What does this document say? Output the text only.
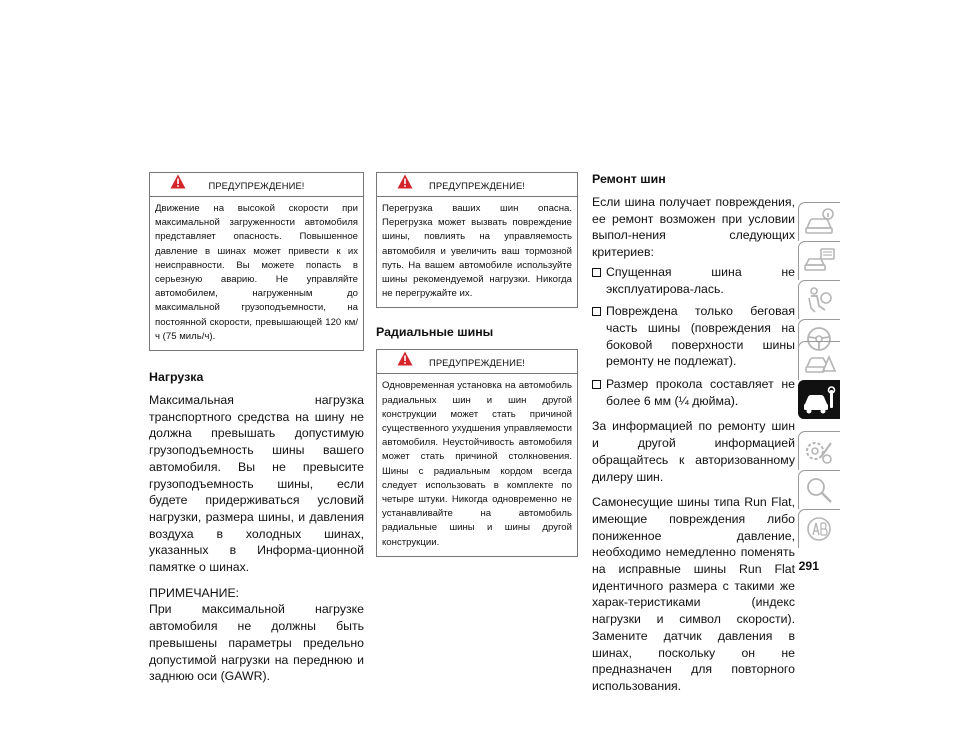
ПРЕДУПРЕЖДЕНИЕ!
Движение на высокой скорости при максимальной загруженности автомобиля представляет опасность. Повышенное давление в шинах может привести к их неисправности. Вы можете попасть в серьезную аварию. Не управляйте автомобилем, нагруженным до максимальной грузоподъемности, на постоянной скорости, превышающей 120 км/ч (75 миль/ч).
Нагрузка

Максимальная нагрузка транспортного средства на шину не должна превышать допустимую грузоподъемность шины вашего автомобиля. Вы не превысите грузоподъемность шины, если будете придерживаться условий нагрузки, размера шины, и давления воздуха в холодных шинах, указанных в Информа-ционной памятке о шинах.

ПРИМЕЧАНИЕ:

При максимальной нагрузке автомобиля не должны быть превышены параметры предельно допустимой нагрузки на переднюю и заднюю оси (GAWR).

ПРЕДУПРЕЖДЕНИЕ!
Перегрузка ваших шин опасна. Перегрузка может вызвать повреждение шины, повлиять на управляемость автомобиля и увеличить ваш тормозной путь. На вашем автомобиле используйте шины рекомендуемой нагрузки. Никогда не перегружайте их.
Радиальные шины
ПРЕДУПРЕЖДЕНИЕ!
Одновременная установка на автомобиль радиальных шин и шин другой конструкции может стать причиной существенного ухудшения управляемости автомобиля. Неустойчивость автомобиля может стать причиной столкновения. Шины с радиальным кордом всегда следует использовать в комплекте по четыре штуки. Никогда одновременно не устанавливайте на автомобиль радиальные шины и шины другой конструкции.
Ремонт шин

Если шина получает повреждения, ее ремонт возможен при условии выпол-нения следующих критериев:

Спущенная шина не эксплуатирова-лась.
Повреждена только беговая часть шины (повреждения на боковой поверхности шины ремонту не подлежат).
Размер прокола составляет не более 6 мм (¼ дюйма).

За информацией по ремонту шин и другой информацией обращайтесь к авторизованному дилеру шин.

Самонесущие шины типа Run Flat, имеющие повреждения либо пониженное давление, необходимо немедленно поменять на исправные шины Run Flat идентичного размера с такими же харак-теристиками (индекс нагрузки и символ скорости). Замените датчик давления в шинах, поскольку он не предназначен для повторного использования.

291
